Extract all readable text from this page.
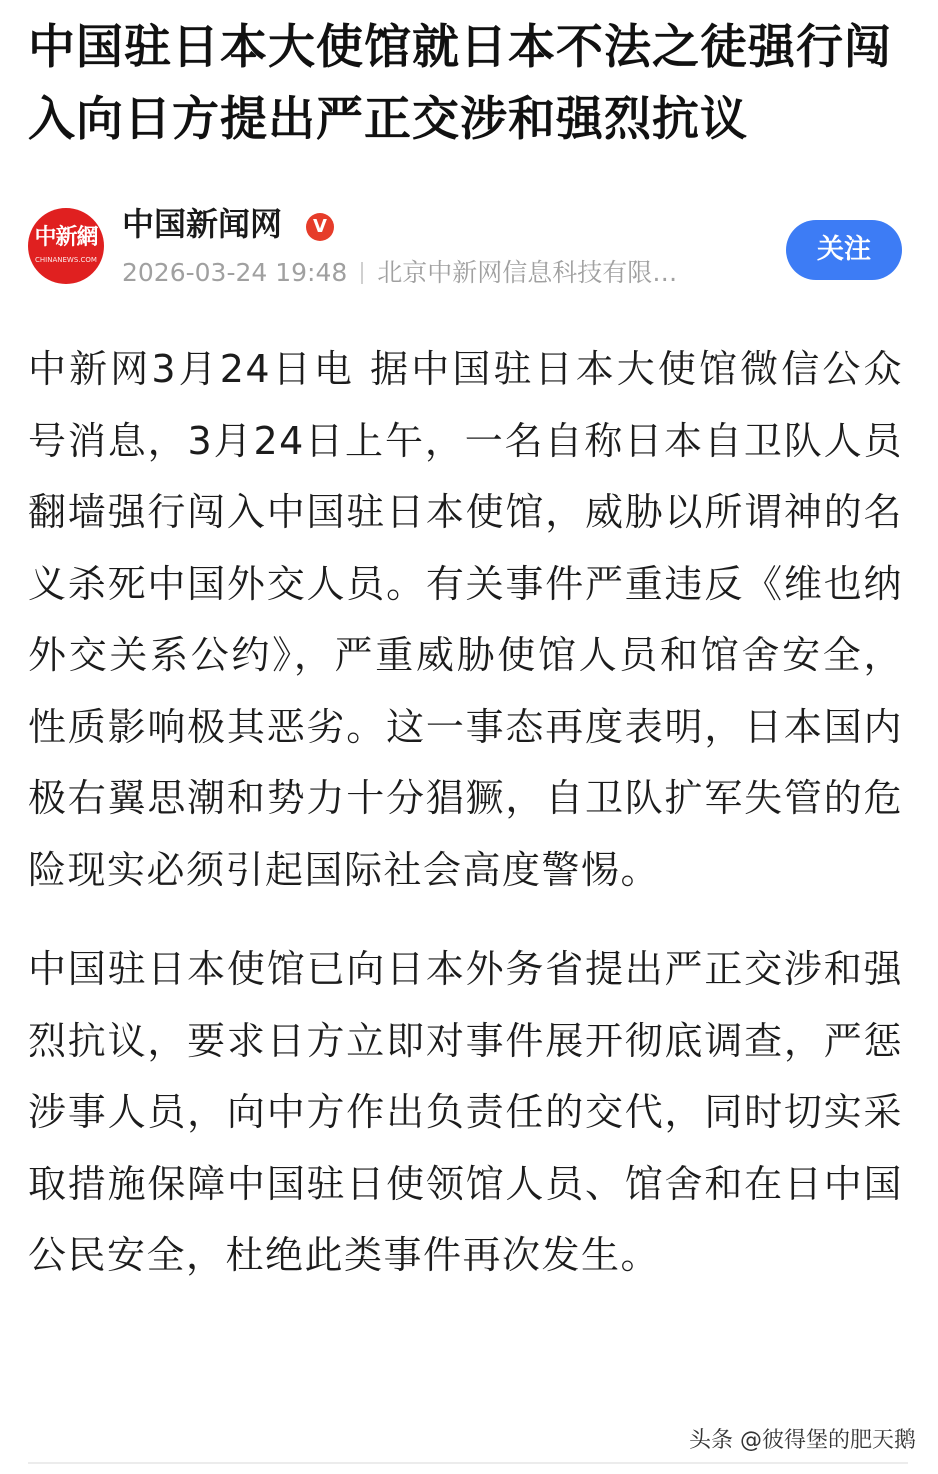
中国驻日本大使馆就日本不法之徒强行闯入向日方提出严正交涉和强烈抗议
中新網
CHINANEWS.COM
中国新闻网	V
2026-03-24 19:48 北京中新网信息科技有限…
关注

中新网3月24日电 据中国驻日本大使馆微信公众号消息，3月24日上午，一名自称日本自卫队人员翻墙强行闯入中国驻日本使馆，威胁以所谓神的名义杀死中国外交人员。有关事件严重违反《维也纳外交关系公约》，严重威胁使馆人员和馆舍安全，性质影响极其恶劣。这一事态再度表明，日本国内极右翼思潮和势力十分猖獗，自卫队扩军失管的危险现实必须引起国际社会高度警惕。

中国驻日本使馆已向日本外务省提出严正交涉和强烈抗议，要求日方立即对事件展开彻底调查，严惩涉事人员，向中方作出负责任的交代，同时切实采取措施保障中国驻日使领馆人员、馆舍和在日中国公民安全，杜绝此类事件再次发生。

头条 @彼得堡的肥天鹅
